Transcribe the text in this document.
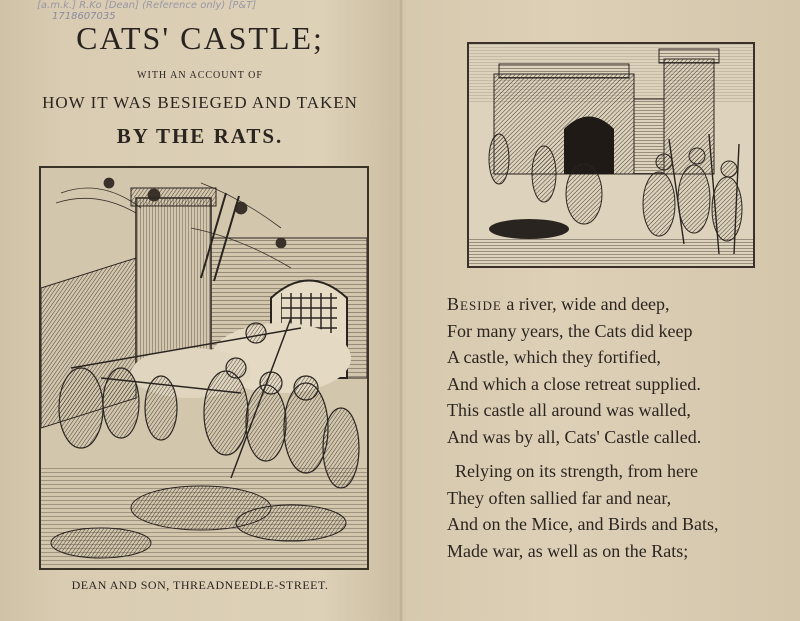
[a.m.k.] R.Ko [Dean] (Reference only) [P&T]
1718607035
CATS' CASTLE;
WITH AN ACCOUNT OF
HOW IT WAS BESIEGED AND TAKEN
BY THE RATS.
DEAN AND SON, THREADNEEDLE-STREET.
Beside a river, wide and deep,
For many years, the Cats did keep
A castle, which they fortified,
And which a close retreat supplied.
This castle all around was walled,
And was by all, Cats' Castle called.
Relying on its strength, from here
They often sallied far and near,
And on the Mice, and Birds and Bats,
Made war, as well as on the Rats;
